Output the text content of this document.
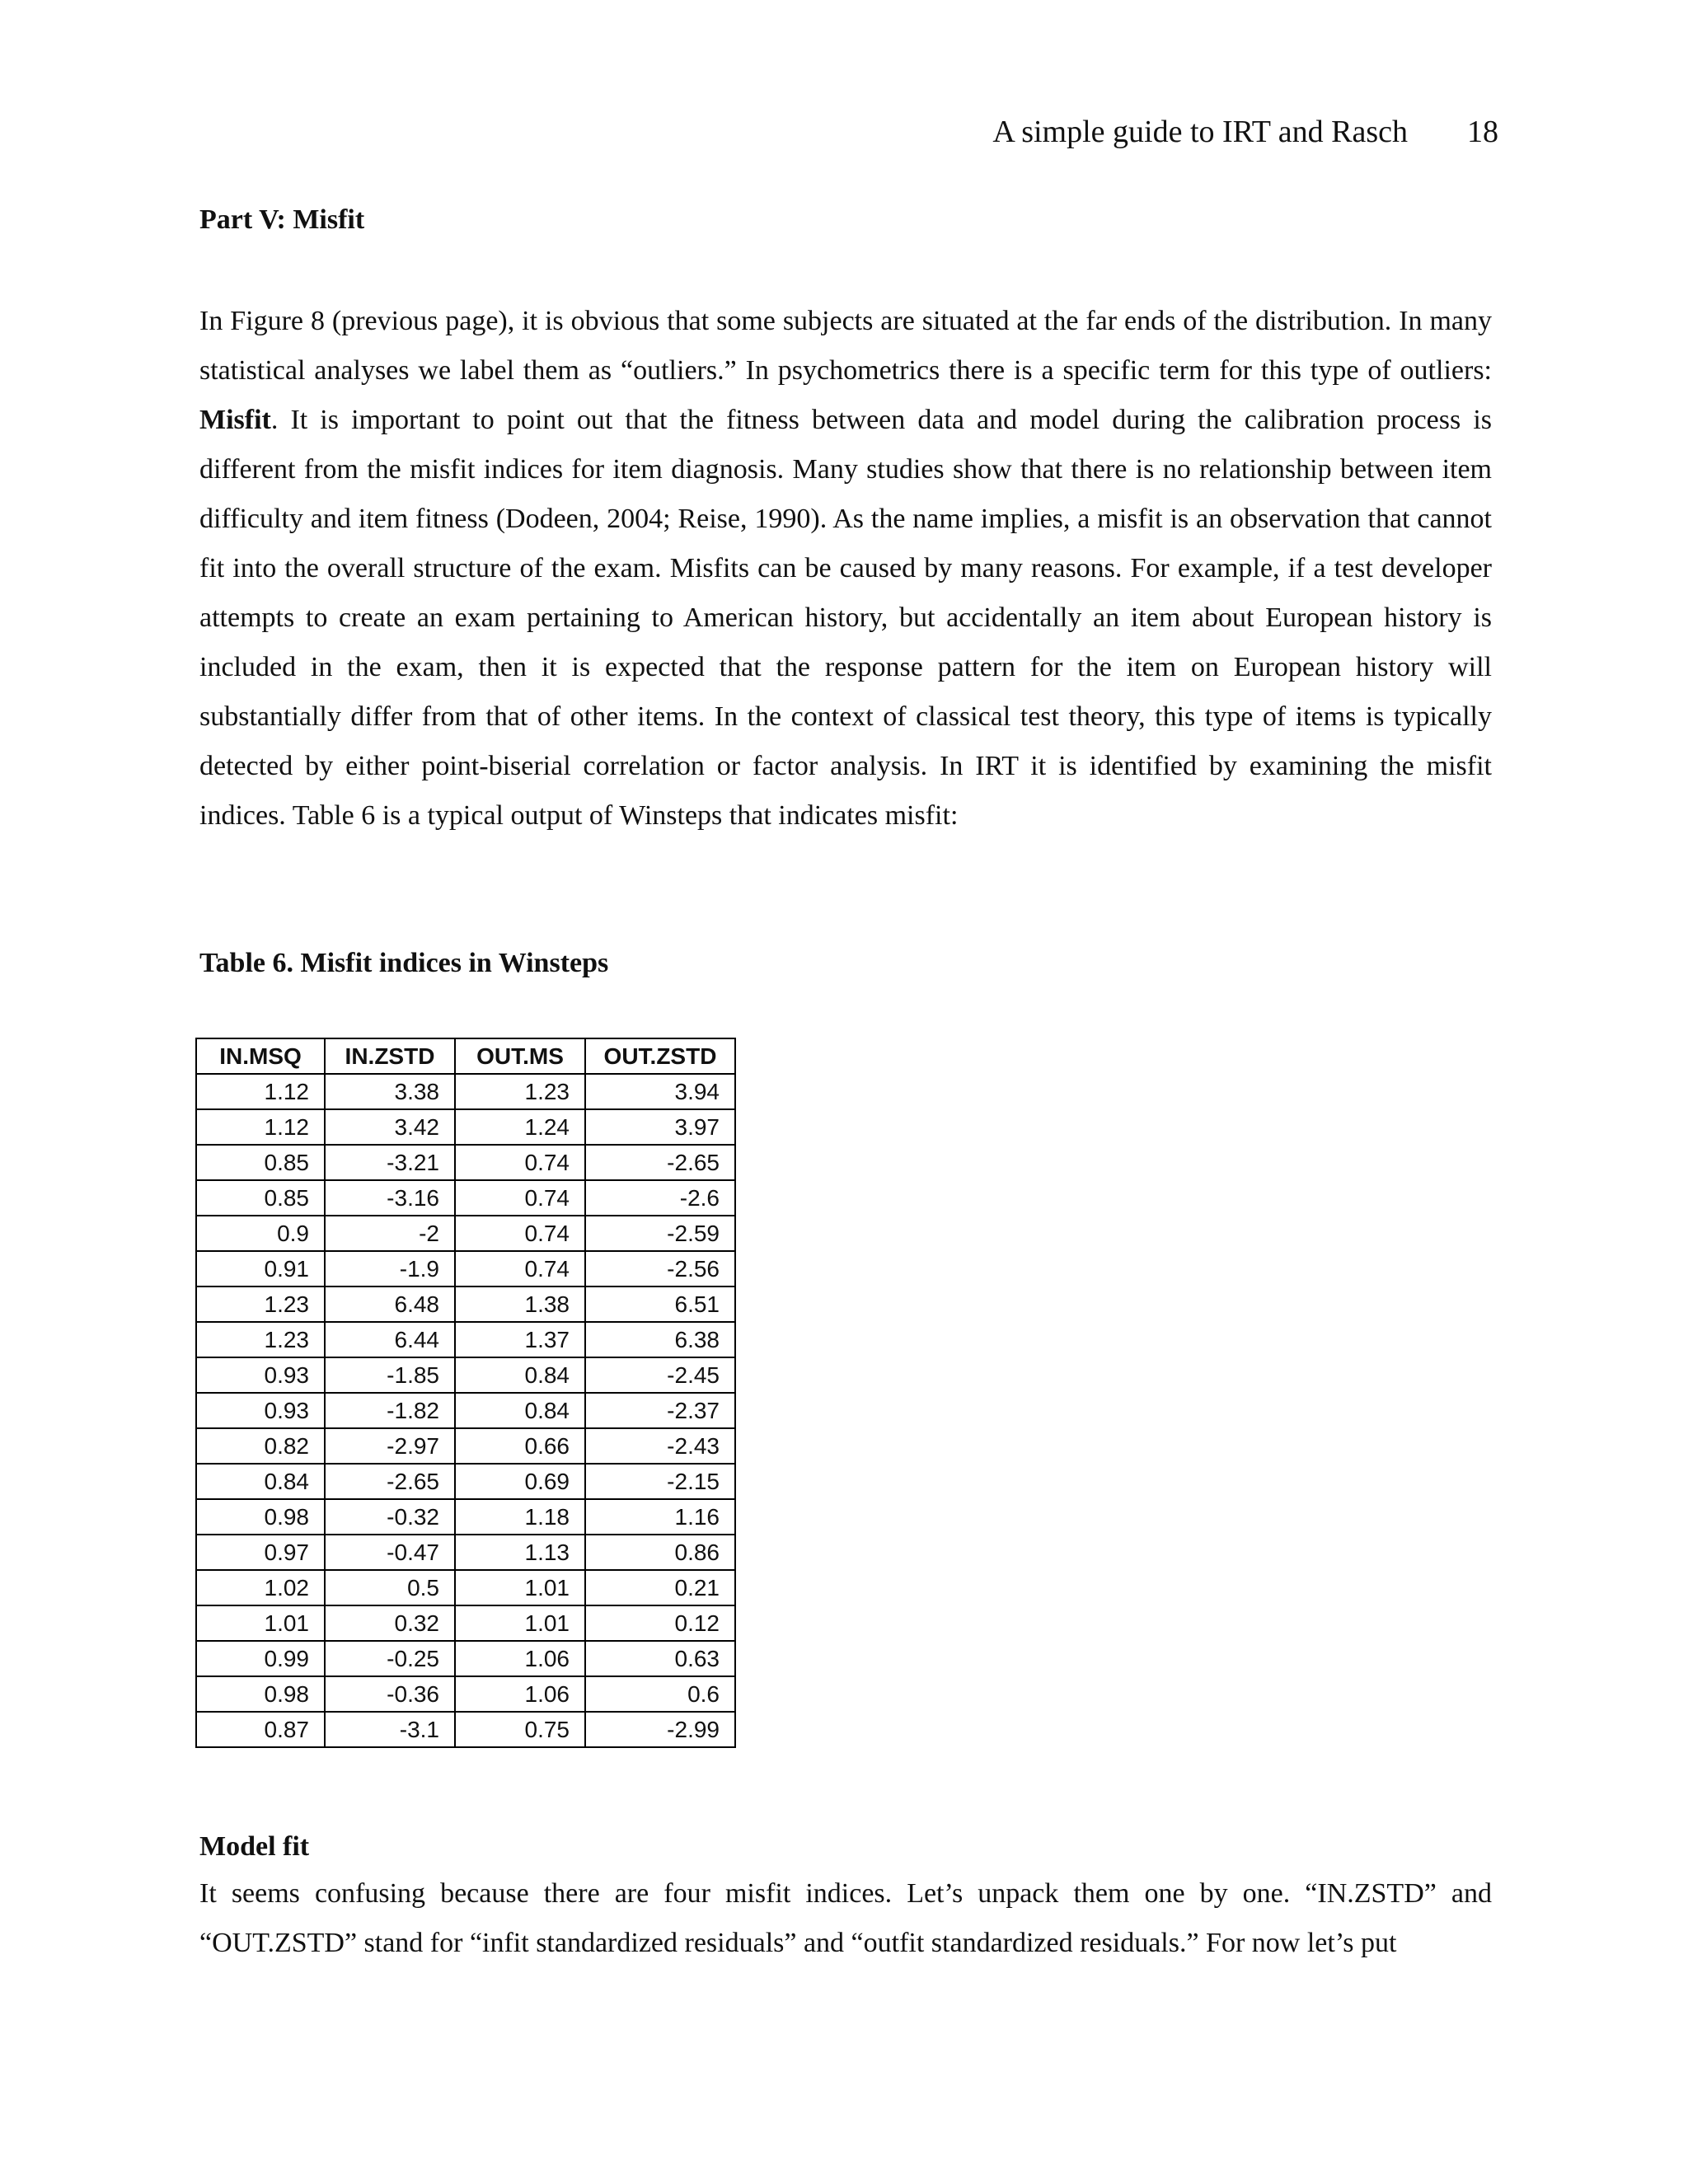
A simple guide to IRT and Rasch 18
Part V: Misfit

In Figure 8 (previous page), it is obvious that some subjects are situated at the far ends of the distribution. In many statistical analyses we label them as “outliers.” In psychometrics there is a specific term for this type of outliers: Misfit. It is important to point out that the fitness between data and model during the calibration process is different from the misfit indices for item diagnosis. Many studies show that there is no relationship between item difficulty and item fitness (Dodeen, 2004; Reise, 1990). As the name implies, a misfit is an observation that cannot fit into the overall structure of the exam. Misfits can be caused by many reasons. For example, if a test developer attempts to create an exam pertaining to American history, but accidentally an item about European history is included in the exam, then it is expected that the response pattern for the item on European history will substantially differ from that of other items. In the context of classical test theory, this type of items is typically detected by either point-biserial correlation or factor analysis. In IRT it is identified by examining the misfit indices. Table 6 is a typical output of Winsteps that indicates misfit:

Table 6. Misfit indices in Winsteps
IN.MSQ	IN.ZSTD	OUT.MS	OUT.ZSTD
1.12	3.38	1.23	3.94
1.12	3.42	1.24	3.97
0.85	-3.21	0.74	-2.65
0.85	-3.16	0.74	-2.6
0.9	-2	0.74	-2.59
0.91	-1.9	0.74	-2.56
1.23	6.48	1.38	6.51
1.23	6.44	1.37	6.38
0.93	-1.85	0.84	-2.45
0.93	-1.82	0.84	-2.37
0.82	-2.97	0.66	-2.43
0.84	-2.65	0.69	-2.15
0.98	-0.32	1.18	1.16
0.97	-0.47	1.13	0.86
1.02	0.5	1.01	0.21
1.01	0.32	1.01	0.12
0.99	-0.25	1.06	0.63
0.98	-0.36	1.06	0.6
0.87	-3.1	0.75	-2.99
Model fit

It seems confusing because there are four misfit indices. Let’s unpack them one by one. “IN.ZSTD” and “OUT.ZSTD” stand for “infit standardized residuals” and “outfit standardized residuals.” For now let’s put
